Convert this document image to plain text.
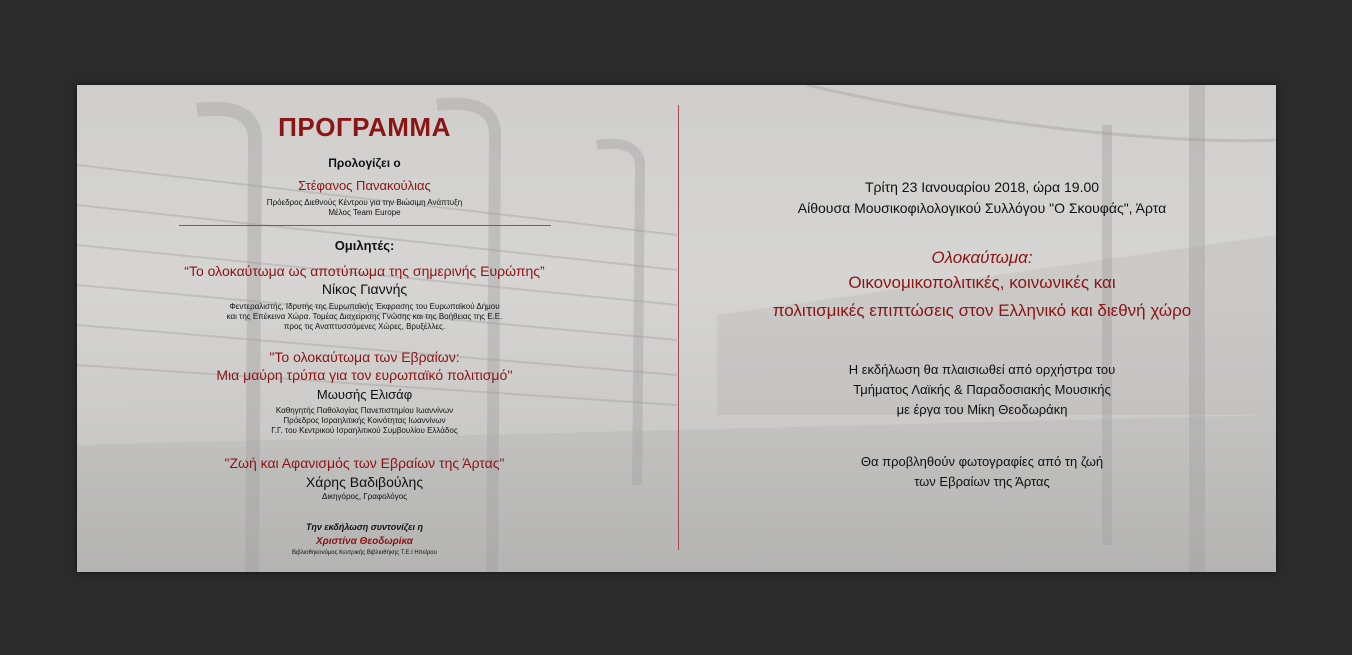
ΠΡΟΓΡΑΜΜΑ
Προλογίζει ο
Στέφανος Πανακούλιας
Πρόεδρος Διεθνούς Κέντρου για την Βιώσιμη Ανάπτυξη
Μέλος Team Europe
Ομιλητές:
“Το ολοκαύτωμα ως αποτύπωμα της σημερινής Ευρώπης”
Νίκος Γιαννής
Φεντεραλιστής, Ιδρυτής της Ευρωπαϊκής Έκφρασης του Ευρωπαϊκού Δήμου
και της Επέκεινα Χώρα. Τομέας Διαχείρισης Γνώσης και της Βοήθειας της Ε.Ε.
προς τις Αναπτυσσόμενες Χώρες, Βρυξέλλες.
"Το ολοκαύτωμα των Εβραίων:
Μια μαύρη τρύπα για τον ευρωπαϊκό πολιτισμό''
Μωυσής Ελισάφ
Καθηγητής Παθολογίας Πανεπιστημίου Ιωαννίνων
Πρόεδρος Ισραηλιτικής Κοινότητας Ιωαννίνων
Γ.Γ. του Κεντρικού Ισραηλιτικού Συμβουλίου Ελλάδος
"Ζωή και Αφανισμός των Εβραίων της Άρτας"
Χάρης Βαδιβούλης
Δικηγόρος, Γραφολόγος
Την εκδήλωση συντονίζει η
Χριστίνα Θεοδωρίκα
Βιβλιοθηκονόμος Κεντρικής Βιβλιοθήκης Τ.Ε.Ι Ηπείρου
Τρίτη 23 Ιανουαρίου 2018, ώρα 19.00
Αίθουσα Μουσικοφιλολογικού Συλλόγου "Ο Σκουφάς", Άρτα
Ολοκαύτωμα:
Οικονομικοπολιτικές, κοινωνικές και
πολιτισμικές επιπτώσεις στον Ελληνικό και διεθνή χώρο
Η εκδήλωση θα πλαισιωθεί από ορχήστρα του
Τμήματος Λαϊκής & Παραδοσιακής Μουσικής
με έργα του Μίκη Θεοδωράκη
Θα προβληθούν φωτογραφίες από τη ζωή
των Εβραίων της Άρτας
